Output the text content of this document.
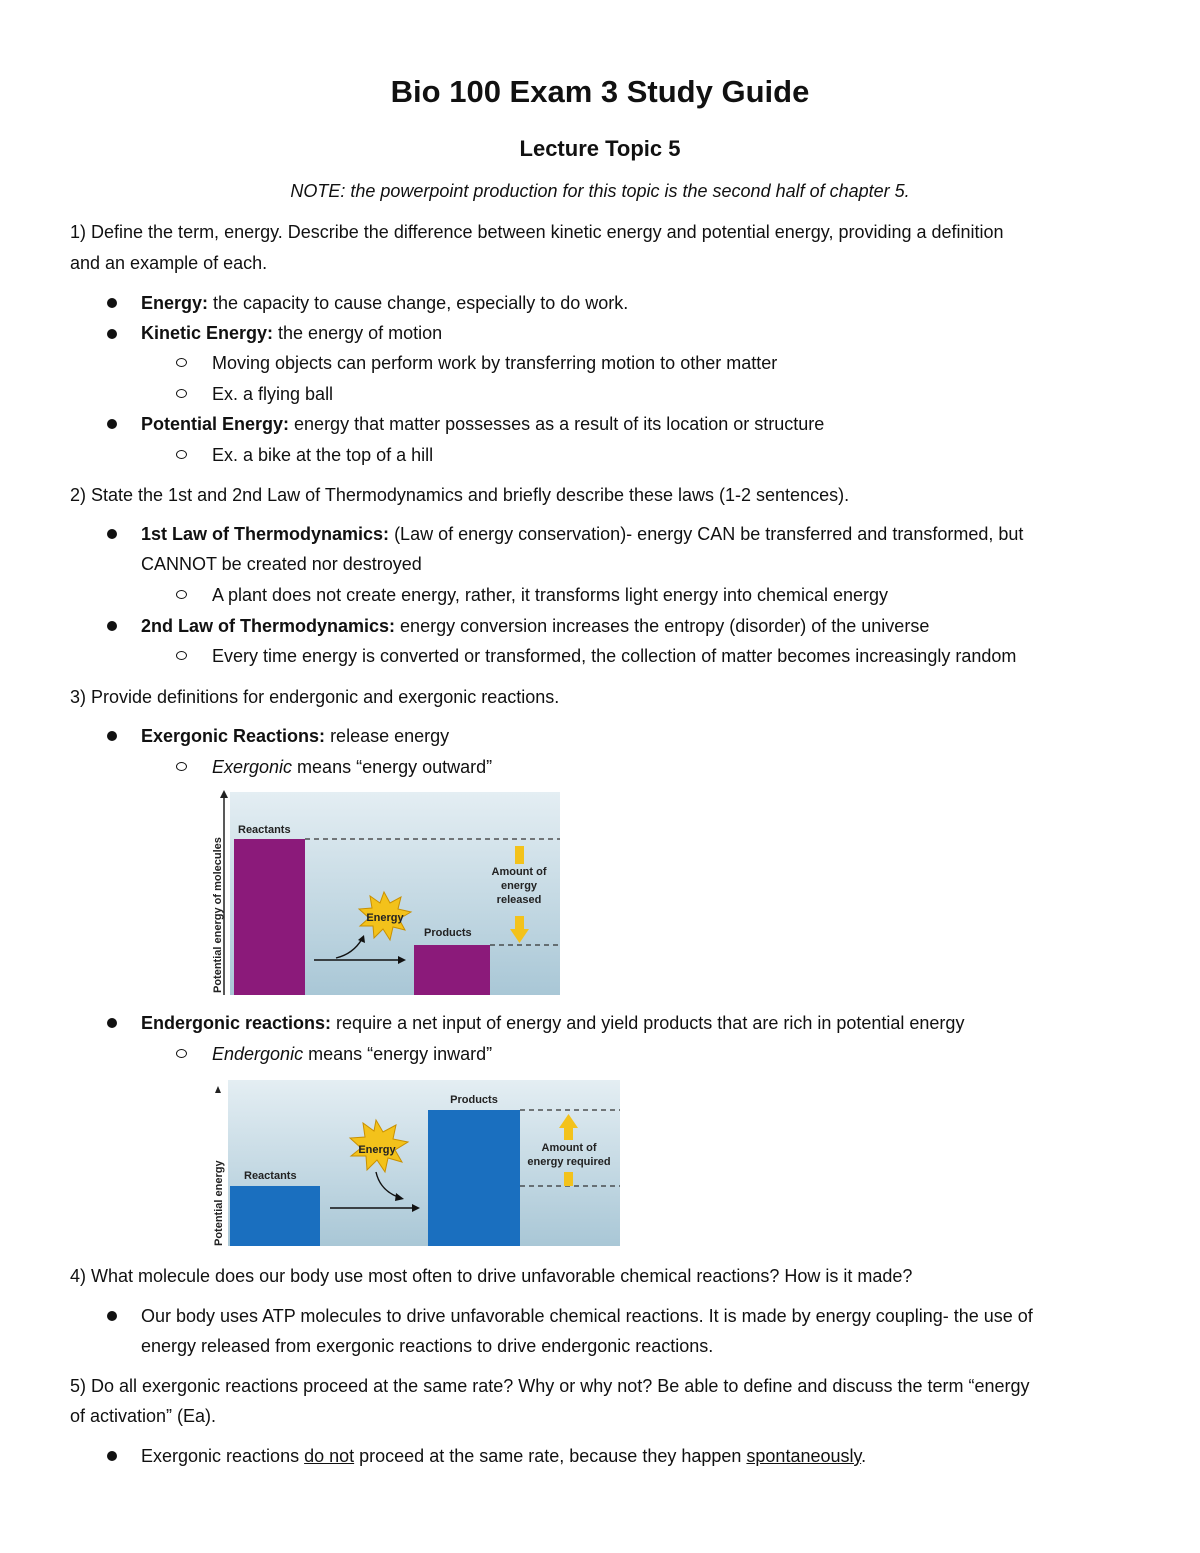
Bio 100 Exam 3 Study Guide
Lecture Topic 5
NOTE: the powerpoint production for this topic is the second half of chapter 5.
1) Define the term, energy. Describe the difference between kinetic energy and potential energy, providing a definition
and an example of each.
Energy: the capacity to cause change, especially to do work.
Kinetic Energy: the energy of motion
Moving objects can perform work by transferring motion to other matter
Ex. a flying ball
Potential Energy: energy that matter possesses as a result of its location or structure
Ex. a bike at the top of a hill
2) State the 1st and 2nd Law of Thermodynamics and briefly describe these laws (1-2 sentences).
1st Law of Thermodynamics: (Law of energy conservation)- energy CAN be transferred and transformed, but
CANNOT be created nor destroyed
A plant does not create energy, rather, it transforms light energy into chemical energy
2nd Law of Thermodynamics: energy conversion increases the entropy (disorder) of the universe
Every time energy is converted or transformed, the collection of matter becomes increasingly random
3) Provide definitions for endergonic and exergonic reactions.
Exergonic Reactions: release energy
Exergonic means “energy outward”
Potential energy of molecules
Reactants
Products
Amount of
energy
released
Energy
Endergonic reactions: require a net input of energy and yield products that are rich in potential energy
Endergonic means “energy inward”
Potential energy Reactants
Products
Amount of
energy required
Energy
4) What molecule does our body use most often to drive unfavorable chemical reactions? How is it made?
Our body uses ATP molecules to drive unfavorable chemical reactions. It is made by energy coupling- the use of
energy released from exergonic reactions to drive endergonic reactions.
5) Do all exergonic reactions proceed at the same rate? Why or why not? Be able to define and discuss the term “energy
of activation” (Ea).
Exergonic reactions do not proceed at the same rate, because they happen spontaneously.
